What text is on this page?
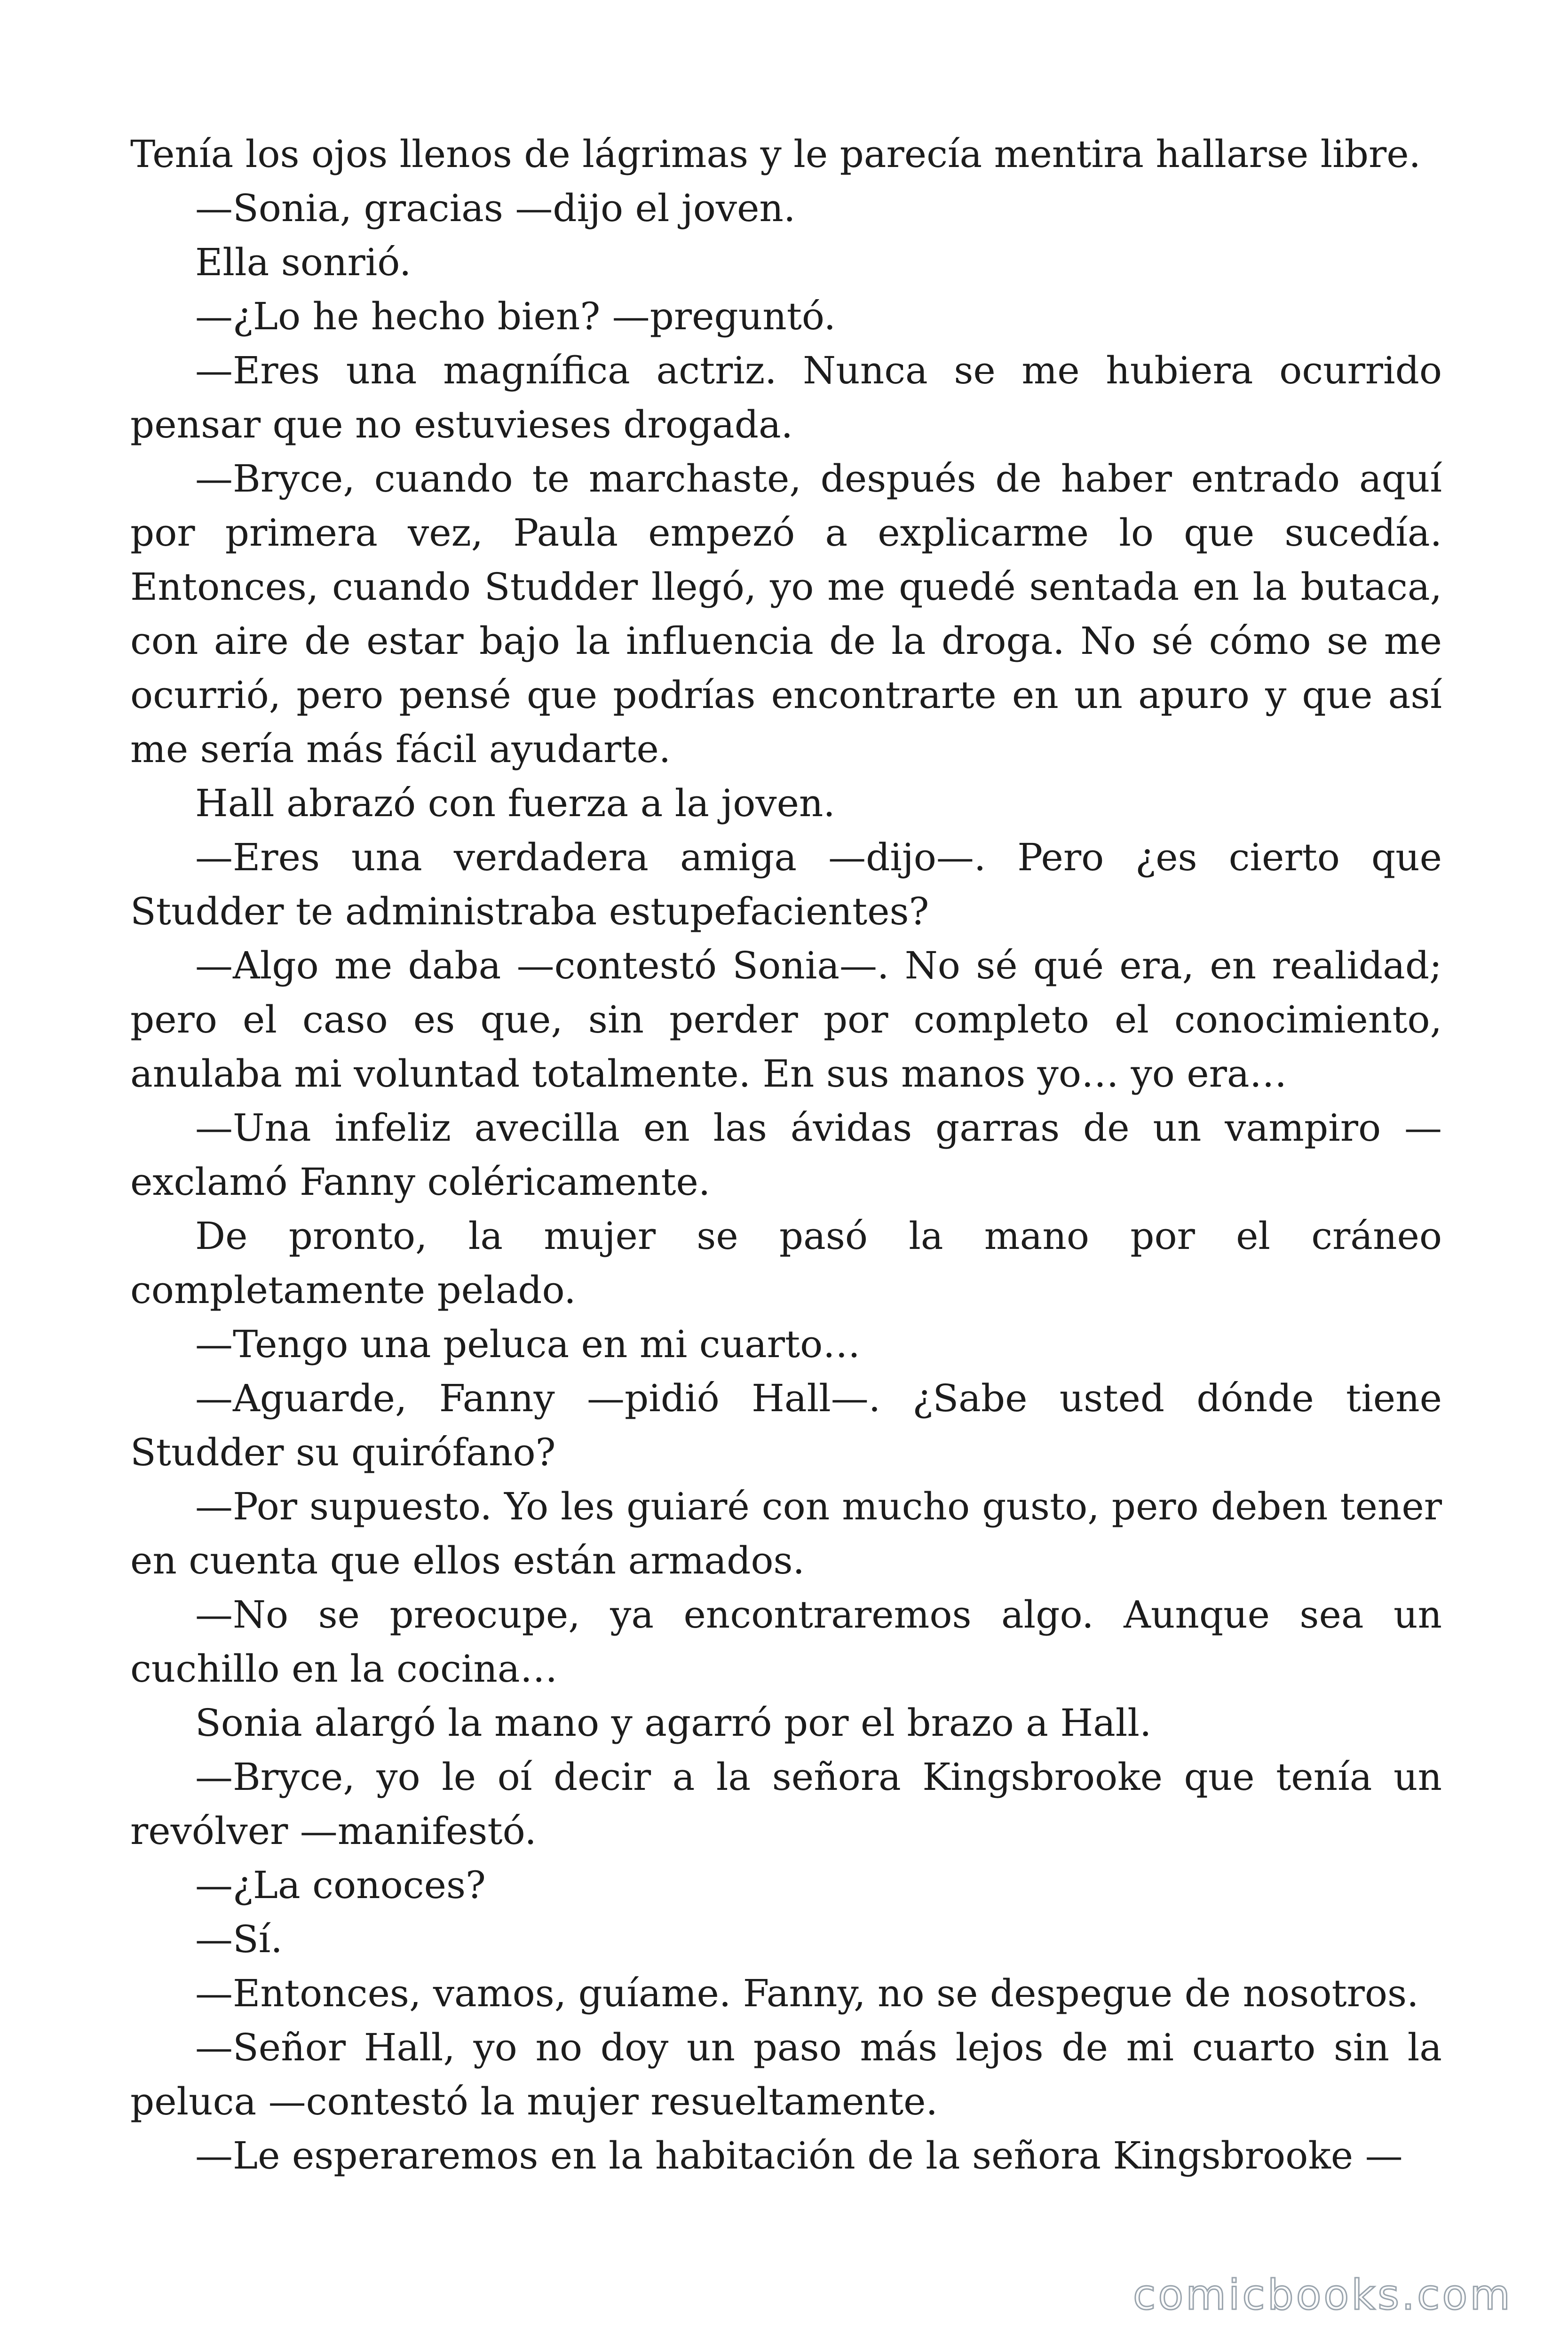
Tenía los ojos llenos de lágrimas y le parecía mentira hallarse libre.

—Sonia, gracias —dijo el joven.

Ella sonrió.

—¿Lo he hecho bien? —preguntó.

—Eres una magnífica actriz. Nunca se me hubiera ocurrido pensar que no estuvieses drogada.

—Bryce, cuando te marchaste, después de haber entrado aquí por primera vez, Paula empezó a explicarme lo que sucedía. Entonces, cuando Studder llegó, yo me quedé sentada en la butaca, con aire de estar bajo la influencia de la droga. No sé cómo se me ocurrió, pero pensé que podrías encontrarte en un apuro y que así me sería más fácil ayudarte.

Hall abrazó con fuerza a la joven.

—Eres una verdadera amiga —dijo—. Pero ¿es cierto que Studder te administraba estupefacientes?

—Algo me daba —contestó Sonia—. No sé qué era, en realidad; pero el caso es que, sin perder por completo el conocimiento, anulaba mi voluntad totalmente. En sus manos yo… yo era…

—Una infeliz avecilla en las ávidas garras de un vampiro —exclamó Fanny coléricamente.

De pronto, la mujer se pasó la mano por el cráneo completamente pelado.

—Tengo una peluca en mi cuarto…

—Aguarde, Fanny —pidió Hall—. ¿Sabe usted dónde tiene Studder su quirófano?

—Por supuesto. Yo les guiaré con mucho gusto, pero deben tener en cuenta que ellos están armados.

—No se preocupe, ya encontraremos algo. Aunque sea un cuchillo en la cocina…

Sonia alargó la mano y agarró por el brazo a Hall.

—Bryce, yo le oí decir a la señora Kingsbrooke que tenía un revólver —manifestó.

—¿La conoces?

—Sí.

—Entonces, vamos, guíame. Fanny, no se despegue de nosotros.

—Señor Hall, yo no doy un paso más lejos de mi cuarto sin la peluca —contestó la mujer resueltamente.

—Le esperaremos en la habitación de la señora Kingsbrooke —

comicbooks.com
